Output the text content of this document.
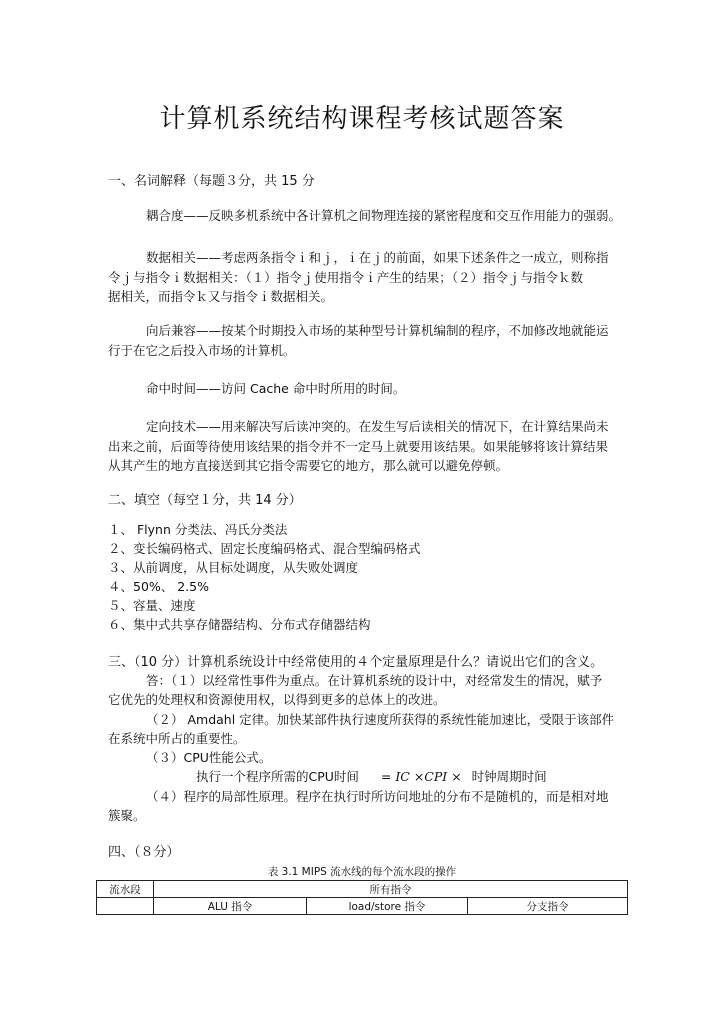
计算机系统结构课程考核试题答案
一、名词解释（每题３分，共 15 分
耦合度——反映多机系统中各计算机之间物理连接的紧密程度和交互作用能力的强弱。
数据相关——考虑两条指令ｉ和ｊ，ｉ在ｊ的前面，如果下述条件之一成立，则称指
令ｊ与指令ｉ数据相关：（１）指令ｊ使用指令ｉ产生的结果；（２）指令ｊ与指令ｋ数
据相关，而指令ｋ又与指令ｉ数据相关。
向后兼容——按某个时期投入市场的某种型号计算机编制的程序，不加修改地就能运
行于在它之后投入市场的计算机。
命中时间——访问 Cache 命中时所用的时间。
定向技术——用来解决写后读冲突的。在发生写后读相关的情况下，在计算结果尚未
出来之前，后面等待使用该结果的指令并不一定马上就要用该结果。如果能够将该计算结果
从其产生的地方直接送到其它指令需要它的地方，那么就可以避免停顿。
二、填空（每空１分，共 14 分）
１、 Flynn 分类法、冯氏分类法
２、变长编码格式、固定长度编码格式、混合型编码格式
３、从前调度，从目标处调度，从失败处调度
４、50%、 2.5%
５、容量、速度
６、集中式共享存储器结构、分布式存储器结构
三、（10 分）计算机系统设计中经常使用的４个定量原理是什么？请说出它们的含义。
答：（１）以经常性事件为重点。在计算机系统的设计中，对经常发生的情况，赋予
它优先的处理权和资源使用权，以得到更多的总体上的改进。
（２） Amdahl 定律。加快某部件执行速度所获得的系统性能加速比，受限于该部件
在系统中所占的重要性。
（３）CPU性能公式。
执行一个程序所需的CPU时间 = IC ×CPI × 时钟周期时间
（４）程序的局部性原理。程序在执行时所访问地址的分布不是随机的，而是相对地
簇聚。
四、（８分）
表 3.1 MIPS 流水线的每个流水段的操作
流水段	所有指令		
	ALU 指令	load/store 指令	分支指令
